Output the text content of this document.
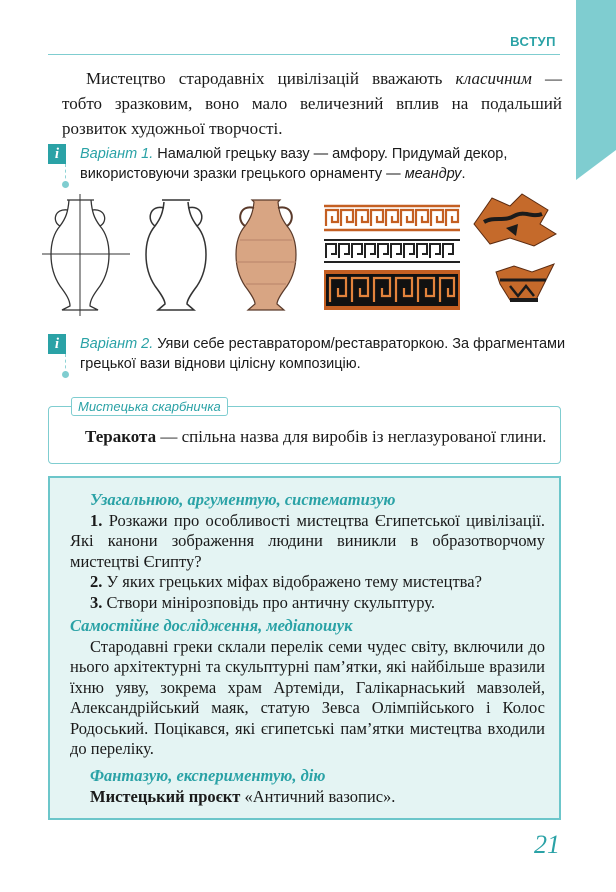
ВСТУП

Мистецтво стародавніх цивілізацій вважають класичним — тобто зразковим, воно мало величезний вплив на подальший розвиток художньої творчості.

i	Варіант 1. Намалюй грецьку вазу — амфору. Придумай декор, використовуючи зразки грецького орнаменту — меандру.
i	Варіант 2. Уяви себе реставратором/реставраторкою. За фрагментами грецької вази віднови цілісну композицію.
Мистецька скарбничка
Теракота — спільна назва для виробів із неглазурованої глини.

Узагальнюю, аргументую, систематизую

1. Розкажи про особливості мистецтва Єгипетської цивілізації. Які канони зображення людини виникли в образотворчому мистецтві Єгипту?

2. У яких грецьких міфах відображено тему мистецтва?

3. Створи мінірозповідь про античну скульптуру.

Самостійне дослідження, медіапошук

Стародавні греки склали перелік семи чудес світу, включили до нього архітектурні та скульптурні пам’ятки, які найбільше вразили їхню уяву, зокрема храм Артеміди, Галікарнаський мавзолей, Александрійський маяк, статую Зевса Олімпійського і Колос Родоський. Поцікався, які єгипетські пам’ятки мистецтва входили до переліку.

Фантазую, експериментую, дію

Мистецький проєкт «Античний вазопис».

21
